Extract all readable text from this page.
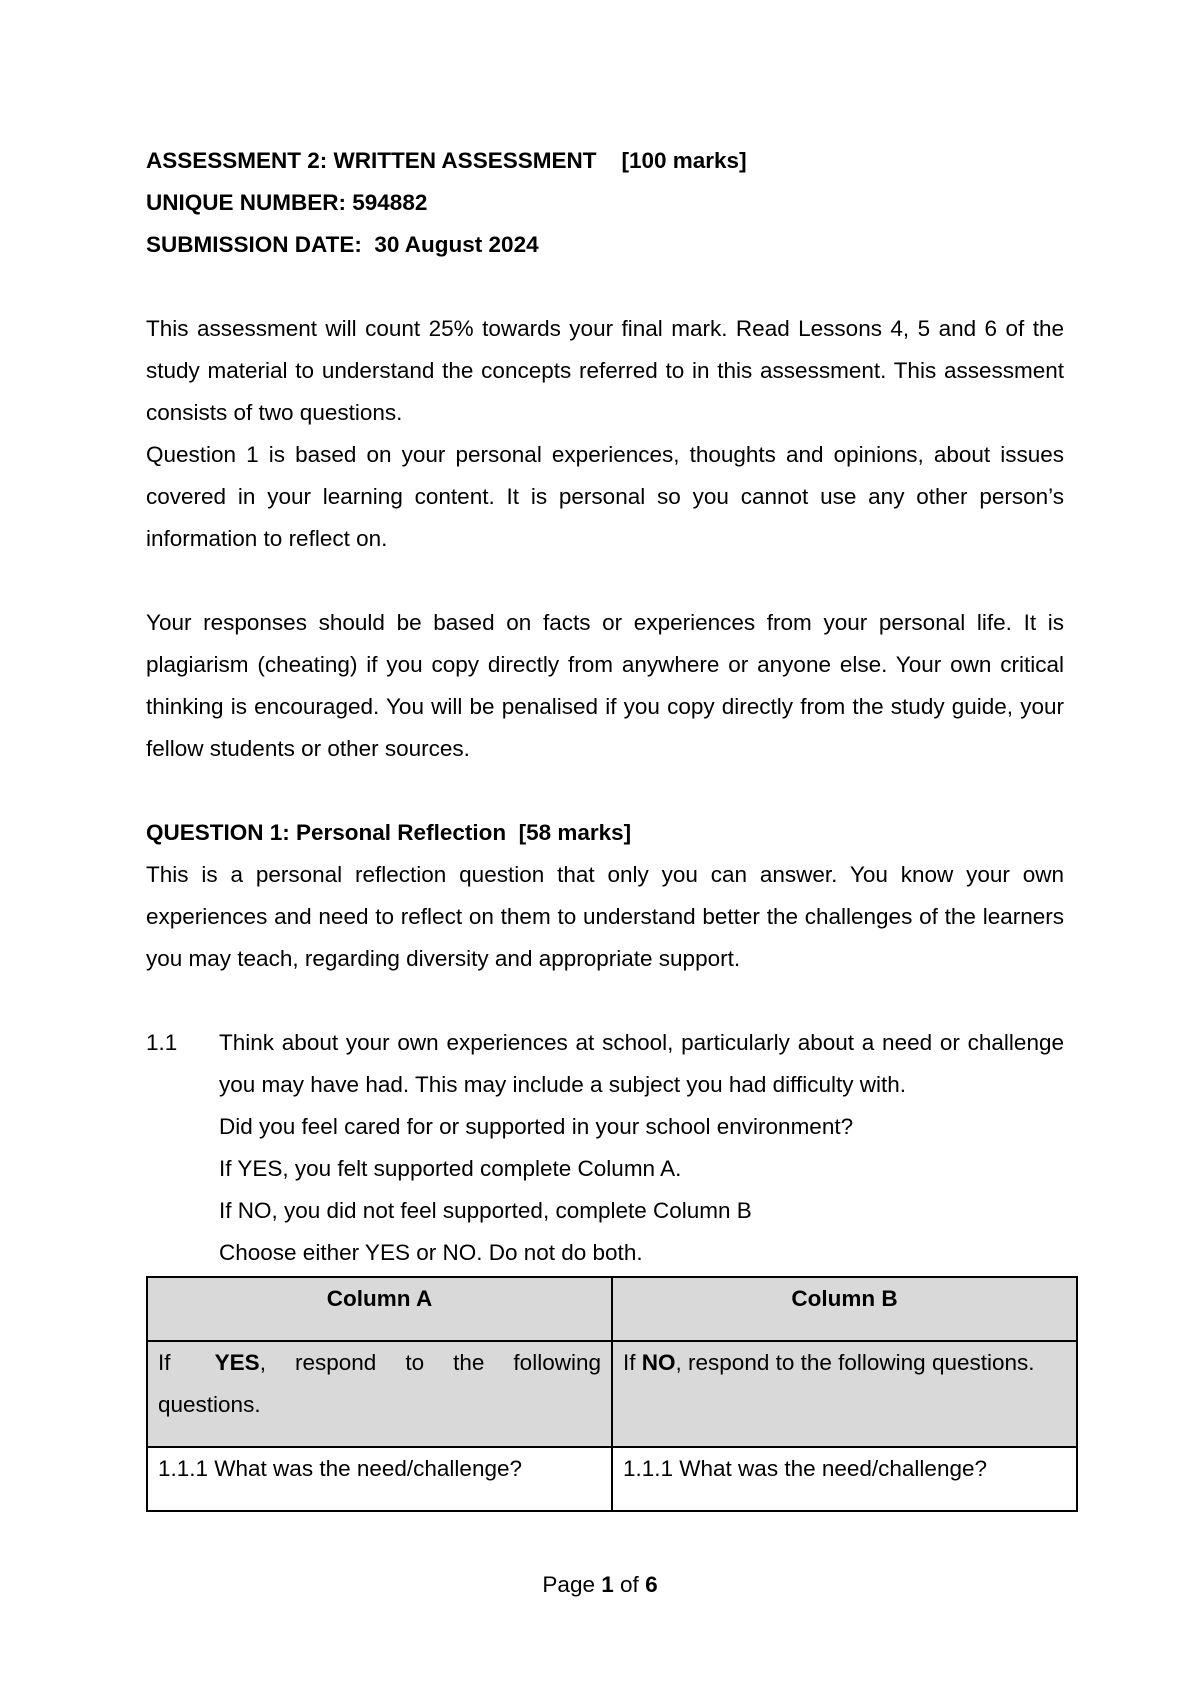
ASSESSMENT 2: WRITTEN ASSESSMENT [100 marks]

UNIQUE NUMBER: 594882

SUBMISSION DATE: 30 August 2024

This assessment will count 25% towards your final mark. Read Lessons 4, 5 and 6 of the study material to understand the concepts referred to in this assessment. This assessment consists of two questions.

Question 1 is based on your personal experiences, thoughts and opinions, about issues covered in your learning content. It is personal so you cannot use any other person’s information to reflect on.

Your responses should be based on facts or experiences from your personal life. It is plagiarism (cheating) if you copy directly from anywhere or anyone else. Your own critical thinking is encouraged. You will be penalised if you copy directly from the study guide, your fellow students or other sources.

QUESTION 1: Personal Reflection [58 marks]

This is a personal reflection question that only you can answer. You know your own experiences and need to reflect on them to understand better the challenges of the learners you may teach, regarding diversity and appropriate support.

1.1	Think about your own experiences at school, particularly about a need or challenge you may have had. This may include a subject you had difficulty with.

Did you feel cared for or supported in your school environment?

If YES, you felt supported complete Column A.

If NO, you did not feel supported, complete Column B

Choose either YES or NO. Do not do both.

Column A	Column B
If YES, respond to the following questions.	If NO, respond to the following questions.
1.1.1 What was the need/challenge?	1.1.1 What was the need/challenge?
Page 1 of 6
